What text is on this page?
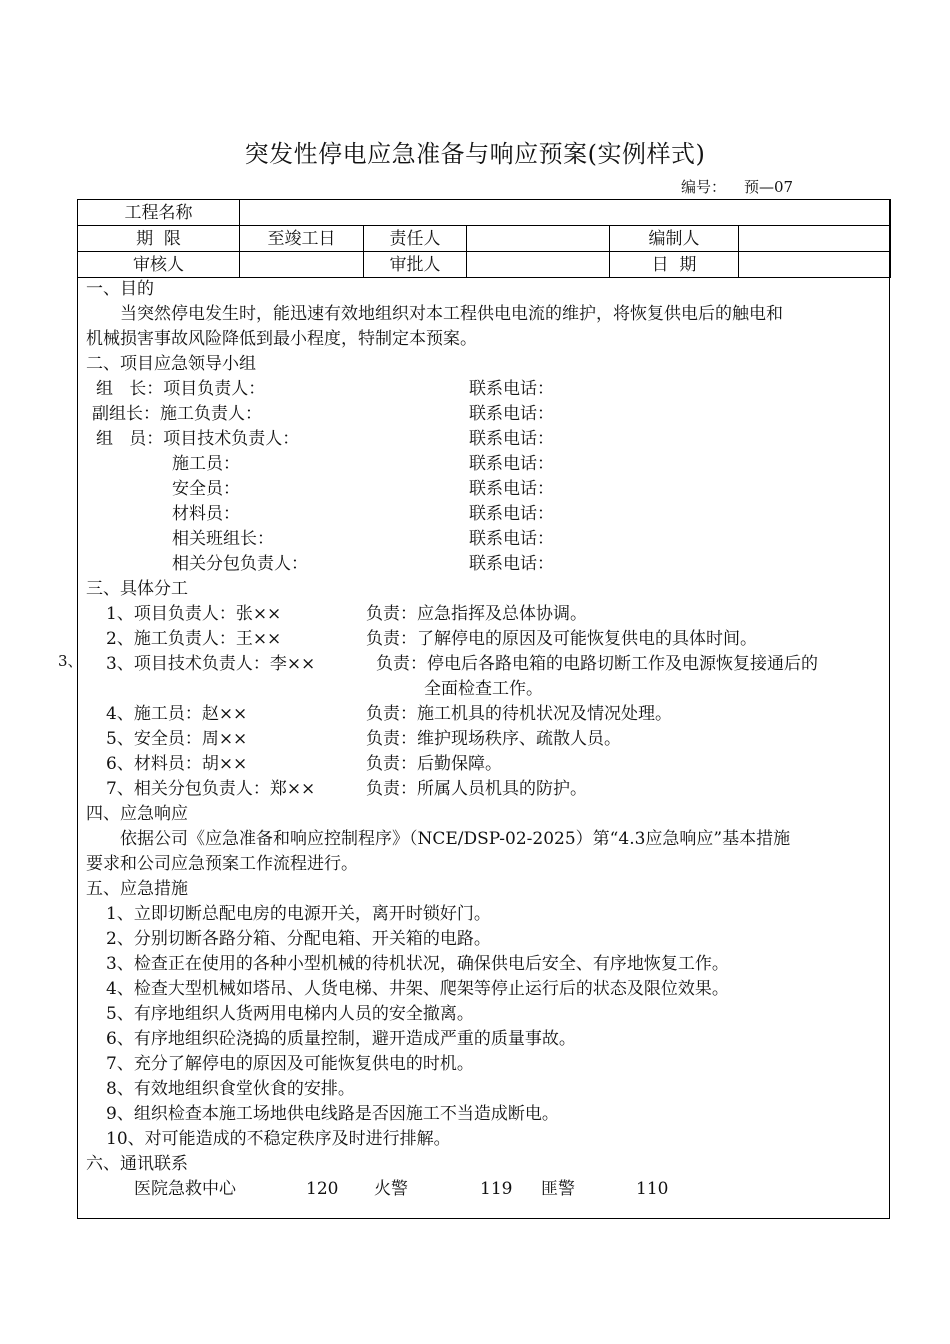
突发性停电应急准备与响应预案(实例样式)
编号： 预—07
工程名称					
期  限	至竣工日	责任人		编制人	
审核人		审批人		日  期	
3、
一、目的
当突然停电发生时，能迅速有效地组织对本工程供电电流的维护，将恢复供电后的触电和
机械损害事故风险降低到最小程度，特制定本预案。
二、项目应急领导小组
组   长：项目负责人：	联系电话：
副组长：施工负责人：	联系电话：
组   员：项目技术负责人：	联系电话：
施工员：	联系电话：
安全员：	联系电话：
材料员：	联系电话：
相关班组长：	联系电话：
相关分包负责人：	联系电话：
三、具体分工
1、项目负责人：张××	负责：应急指挥及总体协调。
2、施工负责人：王××	负责：了解停电的原因及可能恢复供电的具体时间。
3、项目技术负责人：李××	负责：停电后各路电箱的电路切断工作及电源恢复接通后的
全面检查工作。
4、施工员：赵××	负责：施工机具的待机状况及情况处理。
5、安全员：周××	负责：维护现场秩序、疏散人员。
6、材料员：胡××	负责：后勤保障。
7、相关分包负责人：郑××	负责：所属人员机具的防护。
四、应急响应
依据公司《应急准备和响应控制程序》（NCE/DSP-02-2025）第“4.3应急响应”基本措施
要求和公司应急预案工作流程进行。
五、应急措施
1、立即切断总配电房的电源开关，离开时锁好门。
2、分别切断各路分箱、分配电箱、开关箱的电路。
3、检查正在使用的各种小型机械的待机状况，确保供电后安全、有序地恢复工作。
4、检查大型机械如塔吊、人货电梯、井架、爬架等停止运行后的状态及限位效果。
5、有序地组织人货两用电梯内人员的安全撤离。
6、有序地组织砼浇捣的质量控制，避开造成严重的质量事故。
7、充分了解停电的原因及可能恢复供电的时机。
8、有效地组织食堂伙食的安排。
9、组织检查本施工场地供电线路是否因施工不当造成断电。
10、对可能造成的不稳定秩序及时进行排解。
六、通讯联系
医院急救中心	120 火警	119 匪警	110
